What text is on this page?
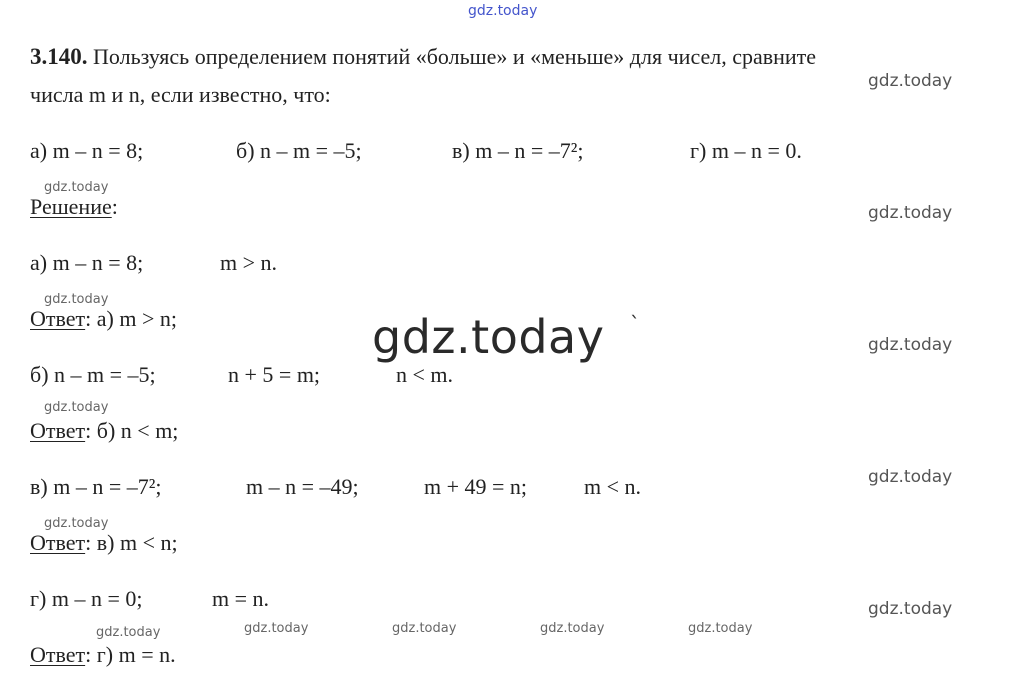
gdz.today
3.140. Пользуясь определением понятий «больше» и «меньше» для чисел, сравните
числа m и n, если известно, что:
а) m – n = 8;	б) n – m = –5;	в) m – n = –7²;	г) m – n = 0.
Решение:
а) m – n = 8;	m > n.
Ответ: а) m > n;
б) n – m = –5;	n + 5 = m;	n < m.
Ответ: б) n < m;
в) m – n = –7²;	m – n = –49;	m + 49 = n;	m < n.
Ответ: в) m < n;
г) m – n = 0;	m = n.
Ответ: г) m = n.
gdz.today
gdz.today
gdz.today
gdz.today
gdz.today	gdz.today	gdz.today	gdz.today	gdz.today
gdz.today
gdz.today
gdz.today
gdz.today
gdz.today
gdz.today `
